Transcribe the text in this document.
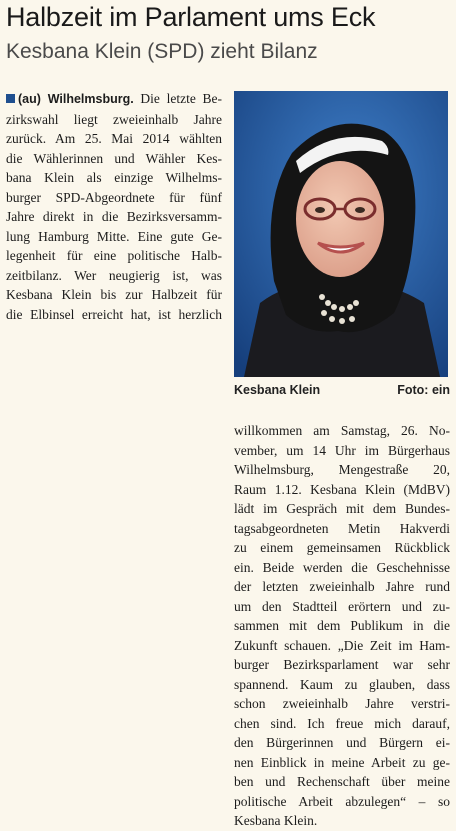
Halbzeit im Parlament ums Eck
Kesbana Klein (SPD) zieht Bilanz
(au) Wilhelmsburg. Die letzte Be-
zirkswahl liegt zweieinhalb Jahre
zurück. Am 25. Mai 2014 wählten
die Wählerinnen und Wähler Kes-
bana Klein als einzige Wilhelms-
burger SPD-Abgeordnete für fünf
Jahre direkt in die Bezirksversamm-
lung Hamburg Mitte. Eine gute Ge-
legenheit für eine politische Halb-
zeitbilanz. Wer neugierig ist, was
Kesbana Klein bis zur Halbzeit für
die Elbinsel erreicht hat, ist herzlich
Kesbana Klein	Foto: ein
willkommen am Samstag, 26. No-
vember, um 14 Uhr im Bürgerhaus
Wilhelmsburg, Mengestraße 20,
Raum 1.12. Kesbana Klein (MdBV)
lädt im Gespräch mit dem Bundes-
tagsabgeordneten Metin Hakverdi
zu einem gemeinsamen Rückblick
ein. Beide werden die Geschehnisse
der letzten zweieinhalb Jahre rund
um den Stadtteil erörtern und zu-
sammen mit dem Publikum in die
Zukunft schauen. „Die Zeit im Ham-
burger Bezirksparlament war sehr
spannend. Kaum zu glauben, dass
schon zweieinhalb Jahre verstri-
chen sind. Ich freue mich darauf,
den Bürgerinnen und Bürgern ei-
nen Einblick in meine Arbeit zu ge-
ben und Rechenschaft über meine
politische Arbeit abzulegen“ – so
Kesbana Klein.
